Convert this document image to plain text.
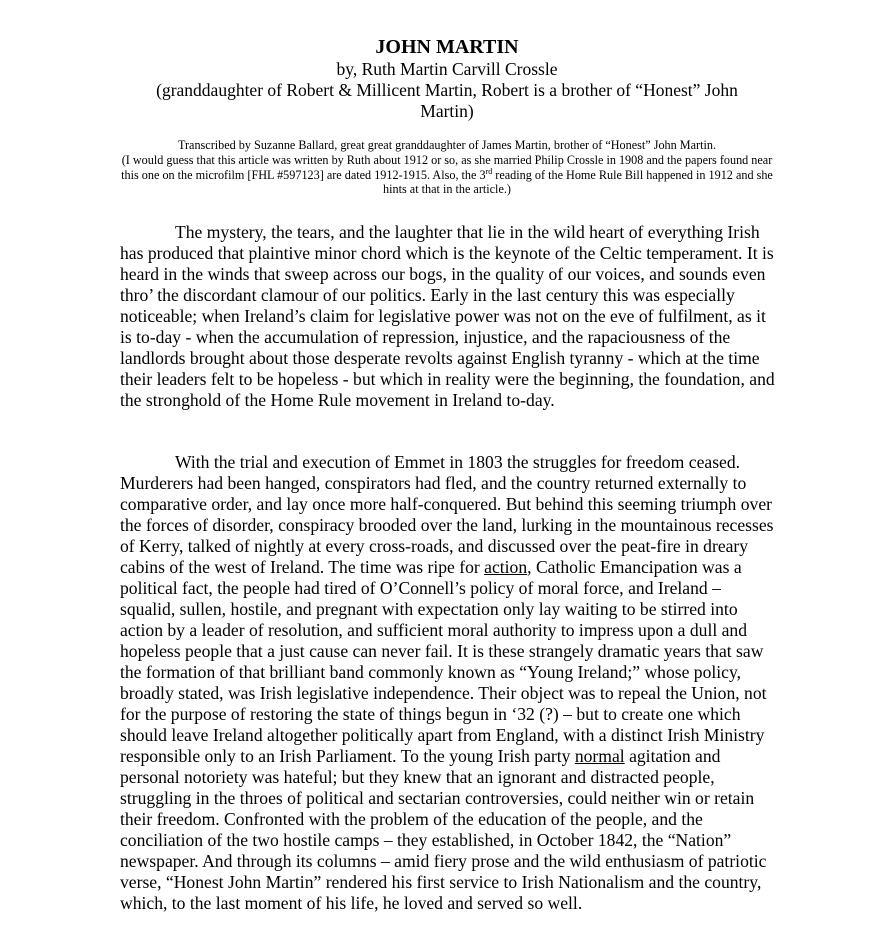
JOHN MARTIN
by, Ruth Martin Carvill Crossle
(granddaughter of Robert & Millicent Martin, Robert is a brother of “Honest” John Martin)
Transcribed by Suzanne Ballard, great great granddaughter of James Martin, brother of “Honest” John Martin.
(I would guess that this article was written by Ruth about 1912 or so, as she married Philip Crossle in 1908 and the papers found near this one on the microfilm [FHL #597123] are dated 1912-1915. Also, the 3rd reading of the Home Rule Bill happened in 1912 and she hints at that in the article.)

The mystery, the tears, and the laughter that lie in the wild heart of everything Irish has produced that plaintive minor chord which is the keynote of the Celtic temperament. It is heard in the winds that sweep across our bogs, in the quality of our voices, and sounds even thro’ the discordant clamour of our politics. Early in the last century this was especially noticeable; when Ireland’s claim for legislative power was not on the eve of fulfilment, as it is to-day - when the accumulation of repression, injustice, and the rapaciousness of the landlords brought about those desperate revolts against English tyranny - which at the time their leaders felt to be hopeless - but which in reality were the beginning, the foundation, and the stronghold of the Home Rule movement in Ireland to-day.

With the trial and execution of Emmet in 1803 the struggles for freedom ceased. Murderers had been hanged, conspirators had fled, and the country returned externally to comparative order, and lay once more half-conquered. But behind this seeming triumph over the forces of disorder, conspiracy brooded over the land, lurking in the mountainous recesses of Kerry, talked of nightly at every cross-roads, and discussed over the peat-fire in dreary cabins of the west of Ireland. The time was ripe for action, Catholic Emancipation was a political fact, the people had tired of O’Connell’s policy of moral force, and Ireland – squalid, sullen, hostile, and pregnant with expectation only lay waiting to be stirred into action by a leader of resolution, and sufficient moral authority to impress upon a dull and hopeless people that a just cause can never fail. It is these strangely dramatic years that saw the formation of that brilliant band commonly known as “Young Ireland;” whose policy, broadly stated, was Irish legislative independence. Their object was to repeal the Union, not for the purpose of restoring the state of things begun in ‘32 (?) – but to create one which should leave Ireland altogether politically apart from England, with a distinct Irish Ministry responsible only to an Irish Parliament. To the young Irish party normal agitation and personal notoriety was hateful; but they knew that an ignorant and distracted people, struggling in the throes of political and sectarian controversies, could neither win or retain their freedom. Confronted with the problem of the education of the people, and the conciliation of the two hostile camps – they established, in October 1842, the “Nation” newspaper. And through its columns – amid fiery prose and the wild enthusiasm of patriotic verse, “Honest John Martin” rendered his first service to Irish Nationalism and the country, which, to the last moment of his life, he loved and served so well.
